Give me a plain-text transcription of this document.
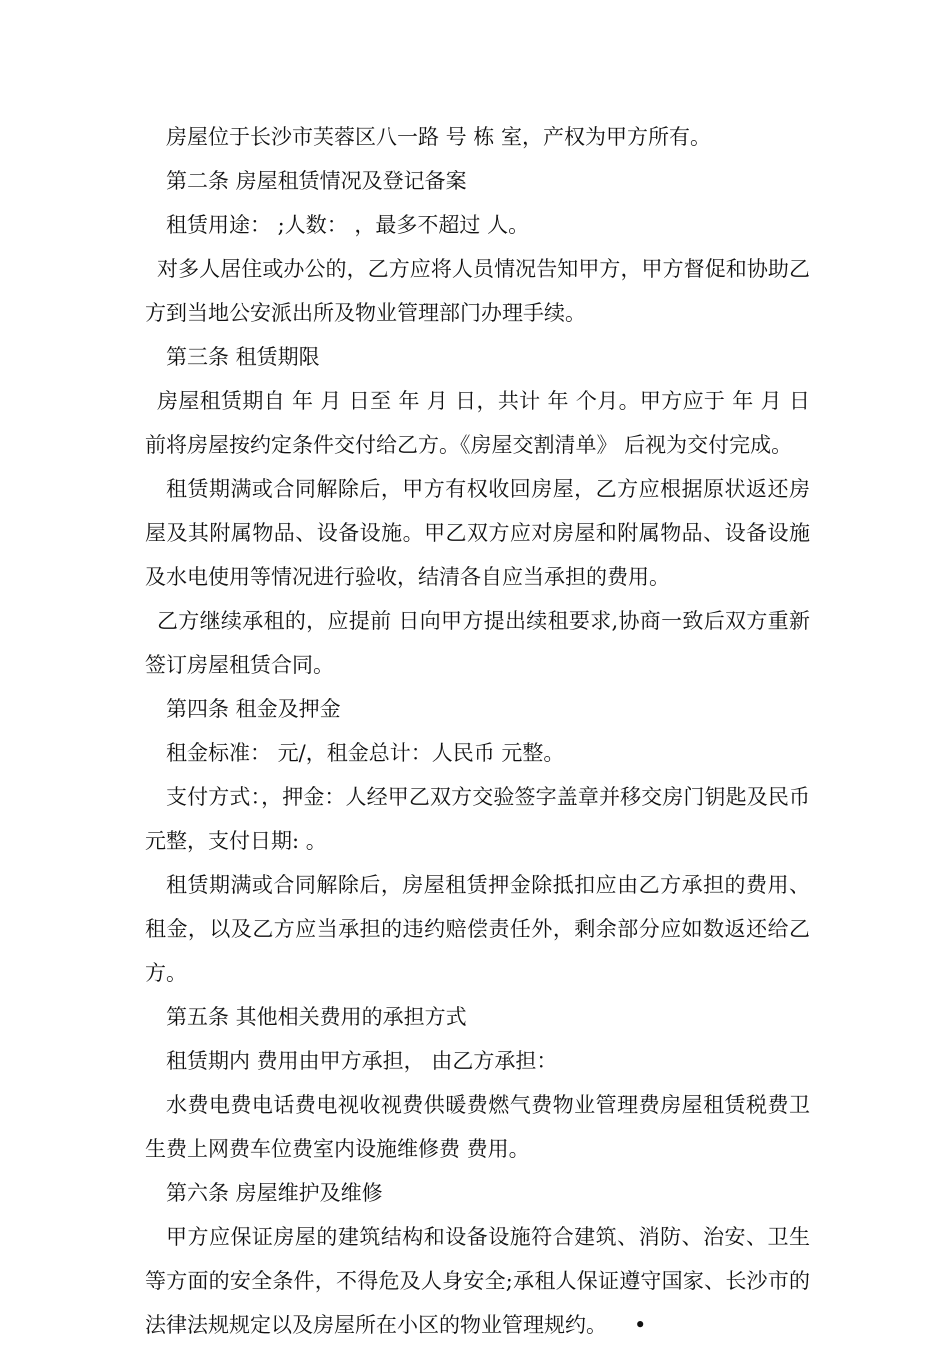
房屋位于长沙市芙蓉区八一路 号 栋 室，产权为甲方所有。

第二条 房屋租赁情况及登记备案

租赁用途： ;人数： ，最多不超过 人。

对多人居住或办公的，乙方应将人员情况告知甲方，甲方督促和协助乙方到当地公安派出所及物业管理部门办理手续。

第三条 租赁期限

房屋租赁期自 年 月 日至 年 月 日，共计 年 个月。甲方应于 年 月 日前将房屋按约定条件交付给乙方。《房屋交割清单》 后视为交付完成。

租赁期满或合同解除后，甲方有权收回房屋，乙方应根据原状返还房屋及其附属物品、设备设施。甲乙双方应对房屋和附属物品、设备设施及水电使用等情况进行验收，结清各自应当承担的费用。

乙方继续承租的，应提前 日向甲方提出续租要求,协商一致后双方重新签订房屋租赁合同。

第四条 租金及押金

租金标准： 元/，租金总计：人民币 元整。

支付方式：，押金：人经甲乙双方交验签字盖章并移交房门钥匙及民币 元整，支付日期: 。

租赁期满或合同解除后，房屋租赁押金除抵扣应由乙方承担的费用、租金，以及乙方应当承担的违约赔偿责任外，剩余部分应如数返还给乙方。

第五条 其他相关费用的承担方式

租赁期内 费用由甲方承担， 由乙方承担：

水费电费电话费电视收视费供暖费燃气费物业管理费房屋租赁税费卫生费上网费车位费室内设施维修费 费用。

第六条 房屋维护及维修

甲方应保证房屋的建筑结构和设备设施符合建筑、消防、治安、卫生等方面的安全条件，不得危及人身安全;承租人保证遵守国家、长沙市的法律法规规定以及房屋所在小区的物业管理规约。 •
